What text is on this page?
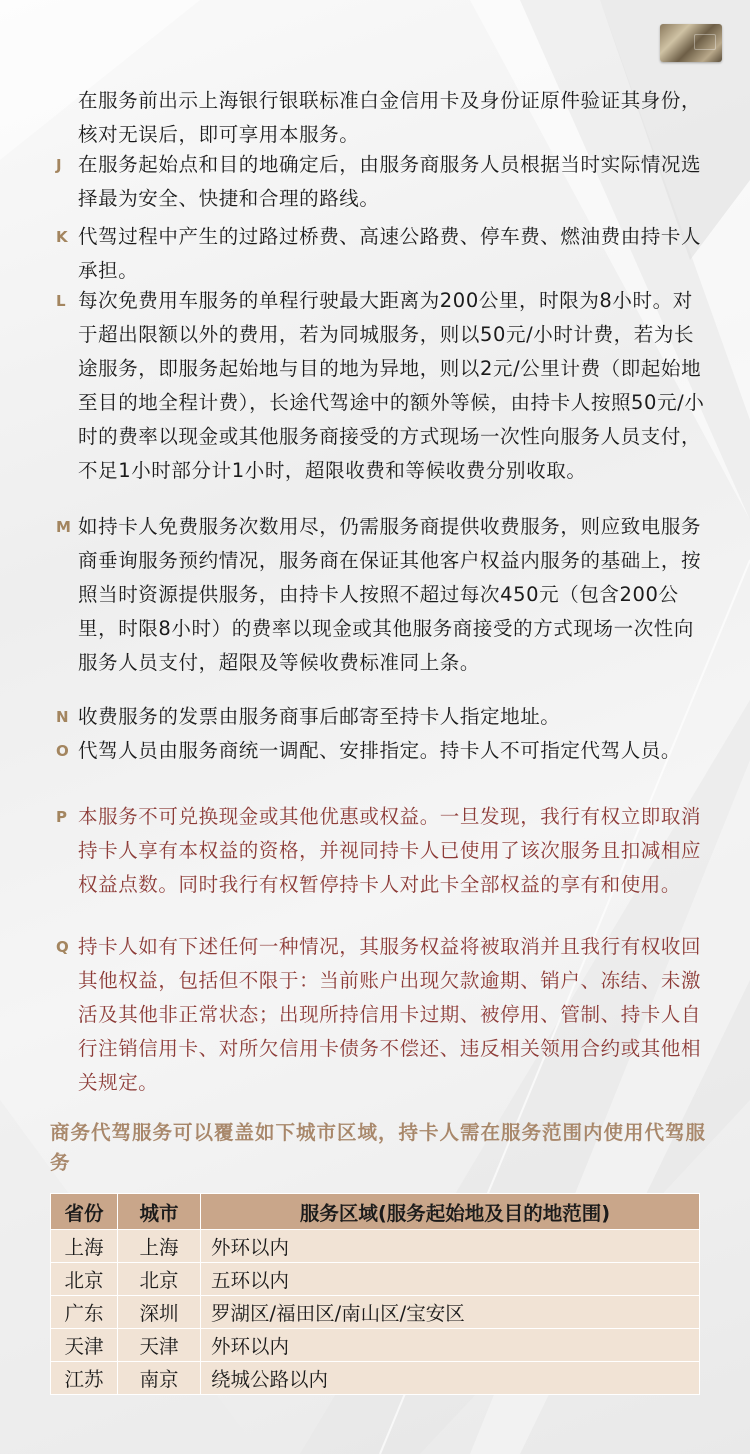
在服务前出示上海银行银联标准白金信用卡及身份证原件验证其身份，核对无误后，即可享用本服务。
J 在服务起始点和目的地确定后，由服务商服务人员根据当时实际情况选择最为安全、快捷和合理的路线。
K 代驾过程中产生的过路过桥费、高速公路费、停车费、燃油费由持卡人承担。
L 每次免费用车服务的单程行驶最大距离为200公里，时限为8小时。对于超出限额以外的费用，若为同城服务，则以50元/小时计费，若为长途服务，即服务起始地与目的地为异地，则以2元/公里计费（即起始地至目的地全程计费），长途代驾途中的额外等候，由持卡人按照50元/小时的费率以现金或其他服务商接受的方式现场一次性向服务人员支付，不足1小时部分计1小时，超限收费和等候收费分别收取。
M 如持卡人免费服务次数用尽，仍需服务商提供收费服务，则应致电服务商垂询服务预约情况，服务商在保证其他客户权益内服务的基础上，按照当时资源提供服务，由持卡人按照不超过每次450元（包含200公里，时限8小时）的费率以现金或其他服务商接受的方式现场一次性向服务人员支付，超限及等候收费标准同上条。
N 收费服务的发票由服务商事后邮寄至持卡人指定地址。
O 代驾人员由服务商统一调配、安排指定。持卡人不可指定代驾人员。
P 本服务不可兑换现金或其他优惠或权益。一旦发现，我行有权立即取消持卡人享有本权益的资格，并视同持卡人已使用了该次服务且扣减相应权益点数。同时我行有权暂停持卡人对此卡全部权益的享有和使用。
Q 持卡人如有下述任何一种情况，其服务权益将被取消并且我行有权收回其他权益，包括但不限于：当前账户出现欠款逾期、销户、冻结、未激活及其他非正常状态；出现所持信用卡过期、被停用、管制、持卡人自行注销信用卡、对所欠信用卡债务不偿还、违反相关领用合约或其他相关规定。
商务代驾服务可以覆盖如下城市区域，持卡人需在服务范围内使用代驾服务
省份	城市	服务区域(服务起始地及目的地范围)
上海	上海	外环以内
北京	北京	五环以内
广东	深圳	罗湖区/福田区/南山区/宝安区
天津	天津	外环以内
江苏	南京	绕城公路以内
